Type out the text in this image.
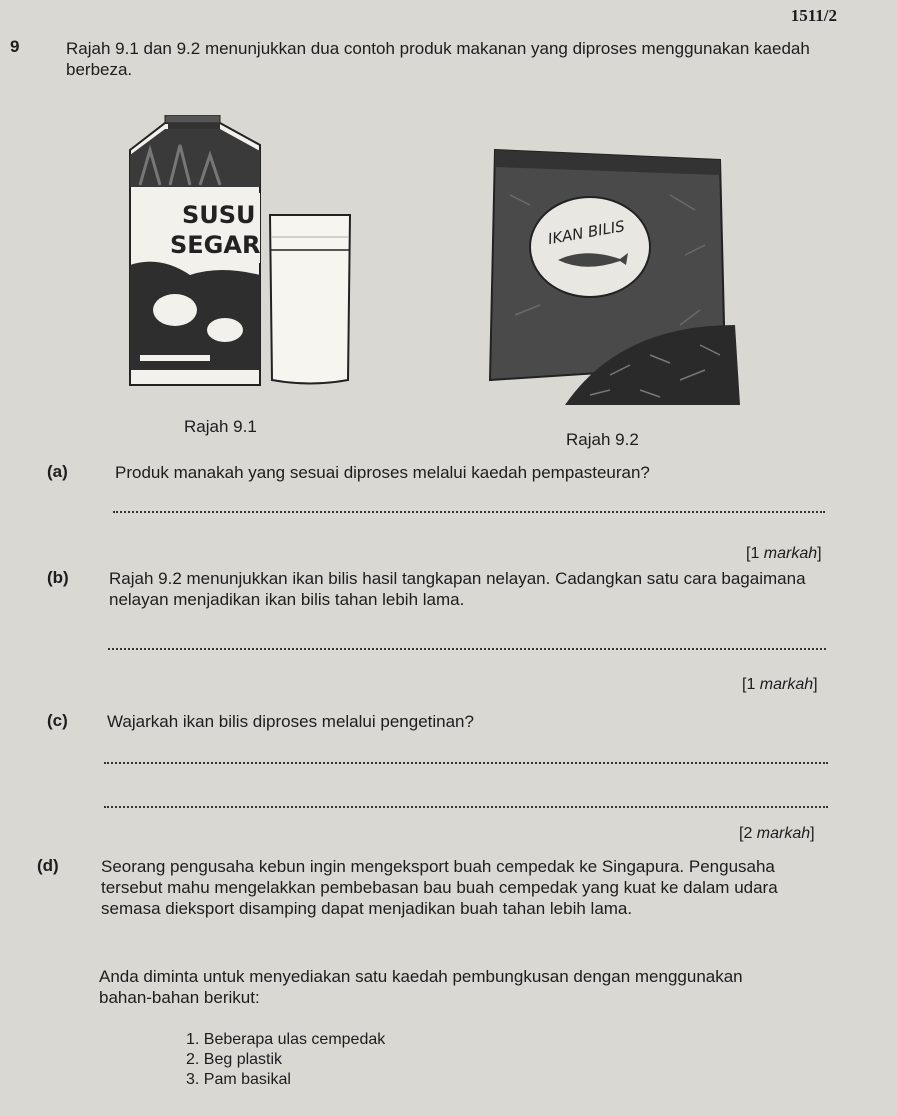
1511/2
9	Rajah 9.1 dan 9.2 menunjukkan dua contoh produk makanan yang diproses menggunakan kaedah berbeza.
SUSU
SEGAR
Rajah 9.1
IKAN BILIS
Rajah 9.2
(a)	Produk manakah yang sesuai diproses melalui kaedah pempasteuran?
[1 markah]
(b) Rajah 9.2 menunjukkan ikan bilis hasil tangkapan nelayan. Cadangkan satu cara bagaimana nelayan menjadikan ikan bilis tahan lebih lama.
[1 markah]
(c) Wajarkah ikan bilis diproses melalui pengetinan?
[2 markah]
(d) Seorang pengusaha kebun ingin mengeksport buah cempedak ke Singapura. Pengusaha tersebut mahu mengelakkan pembebasan bau buah cempedak yang kuat ke dalam udara semasa dieksport disamping dapat menjadikan buah tahan lebih lama.
Anda diminta untuk menyediakan satu kaedah pembungkusan dengan menggunakan bahan-bahan berikut:
1. Beberapa ulas cempedak
2. Beg plastik
3. Pam basikal
